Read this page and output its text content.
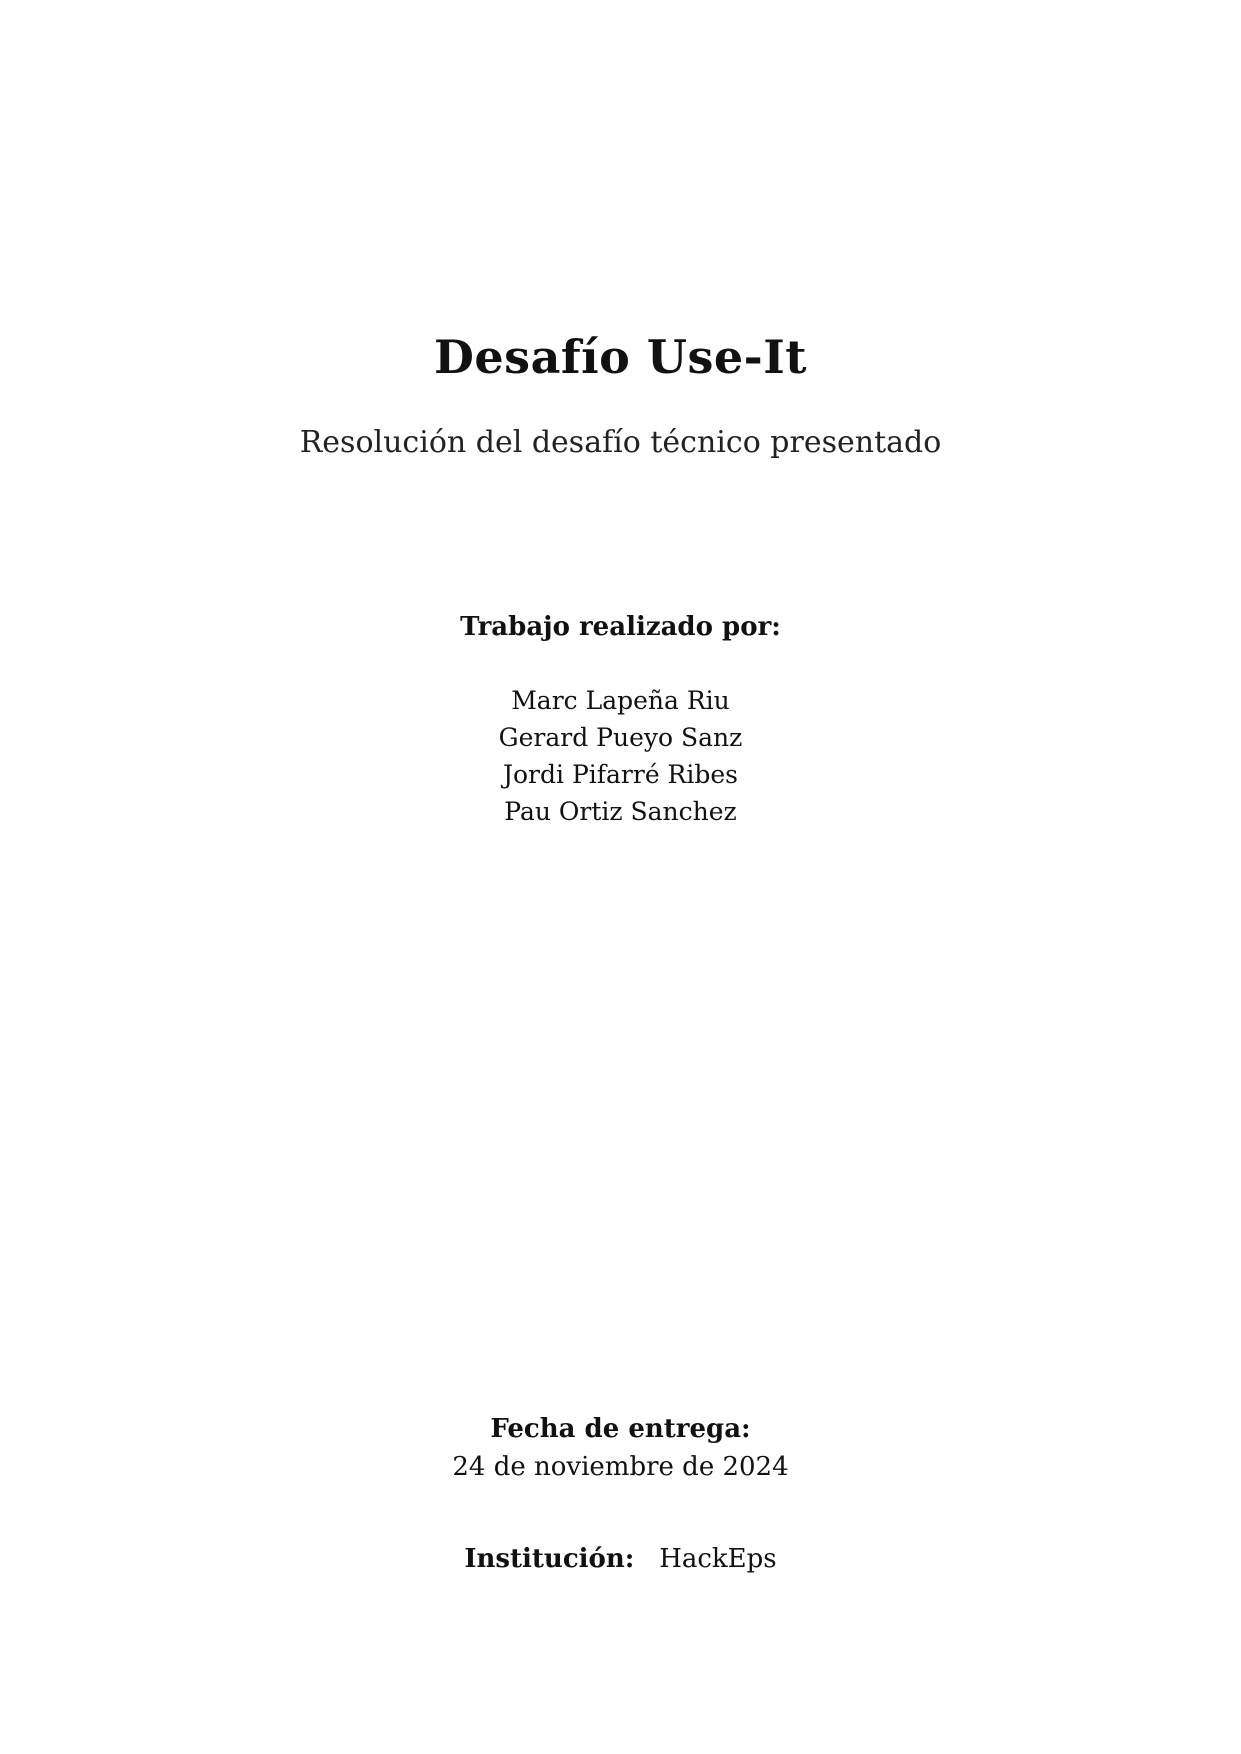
Desafío Use-It
Resolución del desafío técnico presentado
Trabajo realizado por:
Marc Lapeña Riu
Gerard Pueyo Sanz
Jordi Pifarré Ribes
Pau Ortiz Sanchez
Fecha de entrega:
24 de noviembre de 2024
Institución: HackEps
